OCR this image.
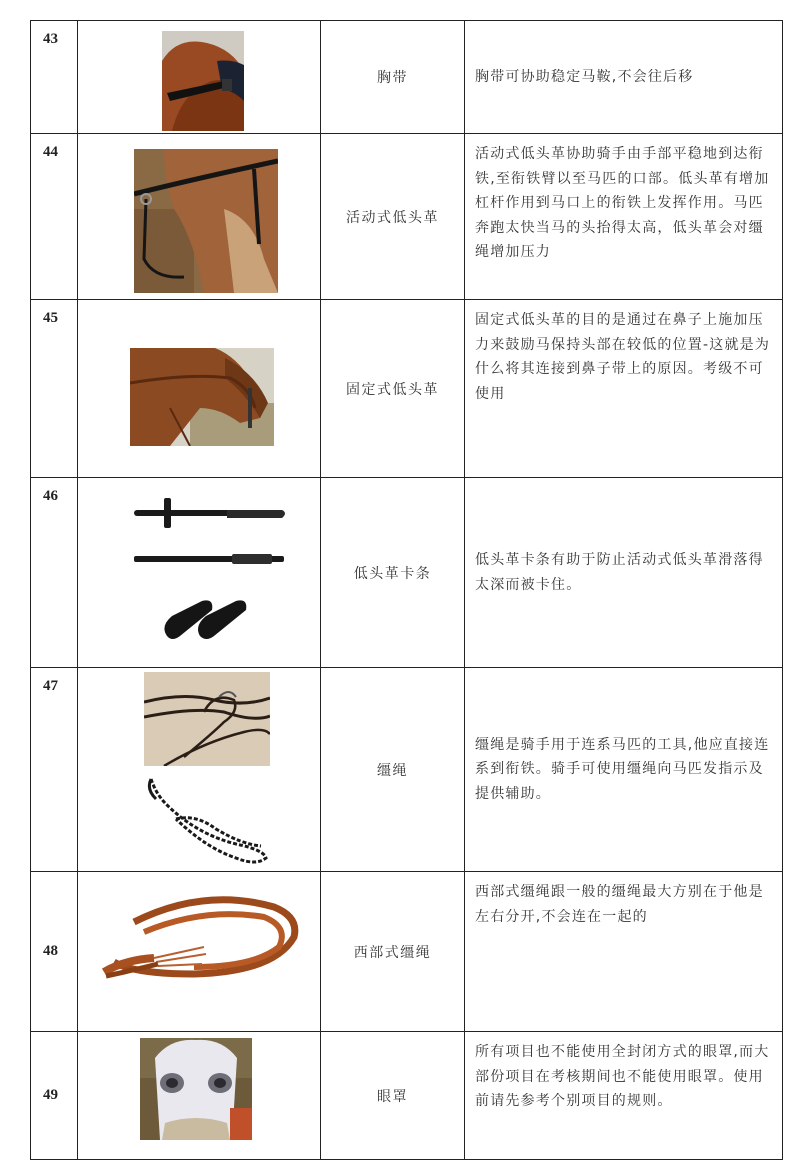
43		胸带	胸带可协助稳定马鞍,不会往后移
44		活动式低头革	活动式低头革协助骑手由手部平稳地到达衔铁,至衔铁臂以至马匹的口部。低头革有增加杠杆作用到马口上的衔铁上发挥作用。马匹奔跑太快当马的头抬得太高，低头革会对缰绳增加压力
45		固定式低头革	固定式低头革的目的是通过在鼻子上施加压力来鼓励马保持头部在较低的位置-这就是为什么将其连接到鼻子带上的原因。考级不可使用
46		低头革卡条	低头革卡条有助于防止活动式低头革滑落得太深而被卡住。
47		缰绳	缰绳是骑手用于连系马匹的工具,他应直接连系到衔铁。骑手可使用缰绳向马匹发指示及提供辅助。
48		西部式缰绳	西部式缰绳跟一般的缰绳最大方别在于他是左右分开,不会连在一起的
49		眼罩	所有项目也不能使用全封闭方式的眼罩,而大部份项目在考核期间也不能使用眼罩。使用前请先参考个别项目的规则。
